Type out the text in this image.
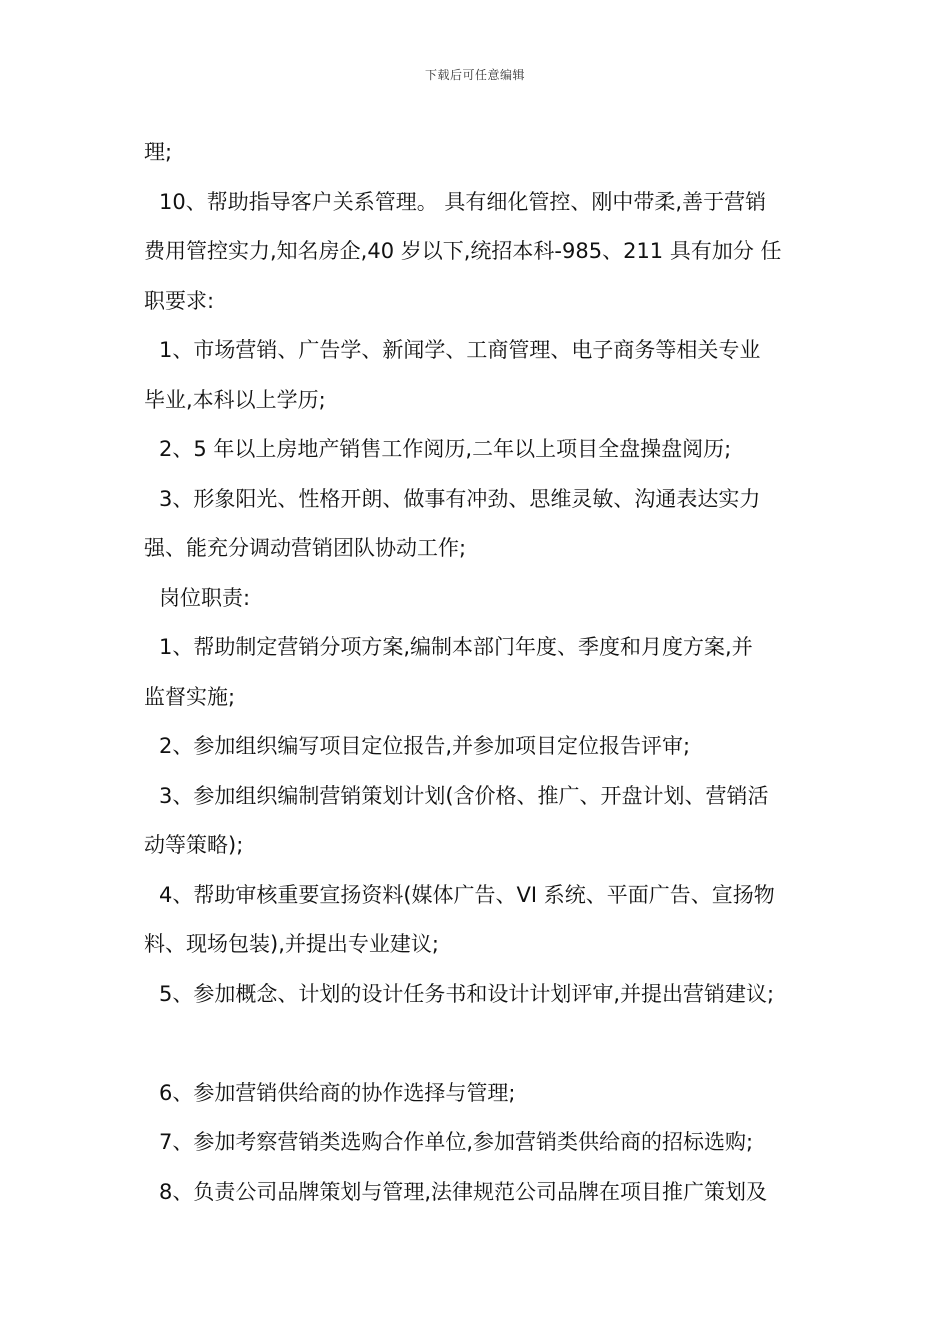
下载后可任意编辑
理;
10、帮助指导客户关系管理。 具有细化管控、刚中带柔,善于营销
费用管控实力,知名房企,40 岁以下,统招本科-985、211 具有加分 任
职要求:
1、市场营销、广告学、新闻学、工商管理、电子商务等相关专业
毕业,本科以上学历;
2、5 年以上房地产销售工作阅历,二年以上项目全盘操盘阅历;
3、形象阳光、性格开朗、做事有冲劲、思维灵敏、沟通表达实力
强、能充分调动营销团队协动工作;
岗位职责:
1、帮助制定营销分项方案,编制本部门年度、季度和月度方案,并
监督实施;
2、参加组织编写项目定位报告,并参加项目定位报告评审;
3、参加组织编制营销策划计划(含价格、推广、开盘计划、营销活
动等策略);
4、帮助审核重要宣扬资料(媒体广告、VI 系统、平面广告、宣扬物
料、现场包装),并提出专业建议;
5、参加概念、计划的设计任务书和设计计划评审,并提出营销建议;
6、参加营销供给商的协作选择与管理;
7、参加考察营销类选购合作单位,参加营销类供给商的招标选购;
8、负责公司品牌策划与管理,法律规范公司品牌在项目推广策划及
